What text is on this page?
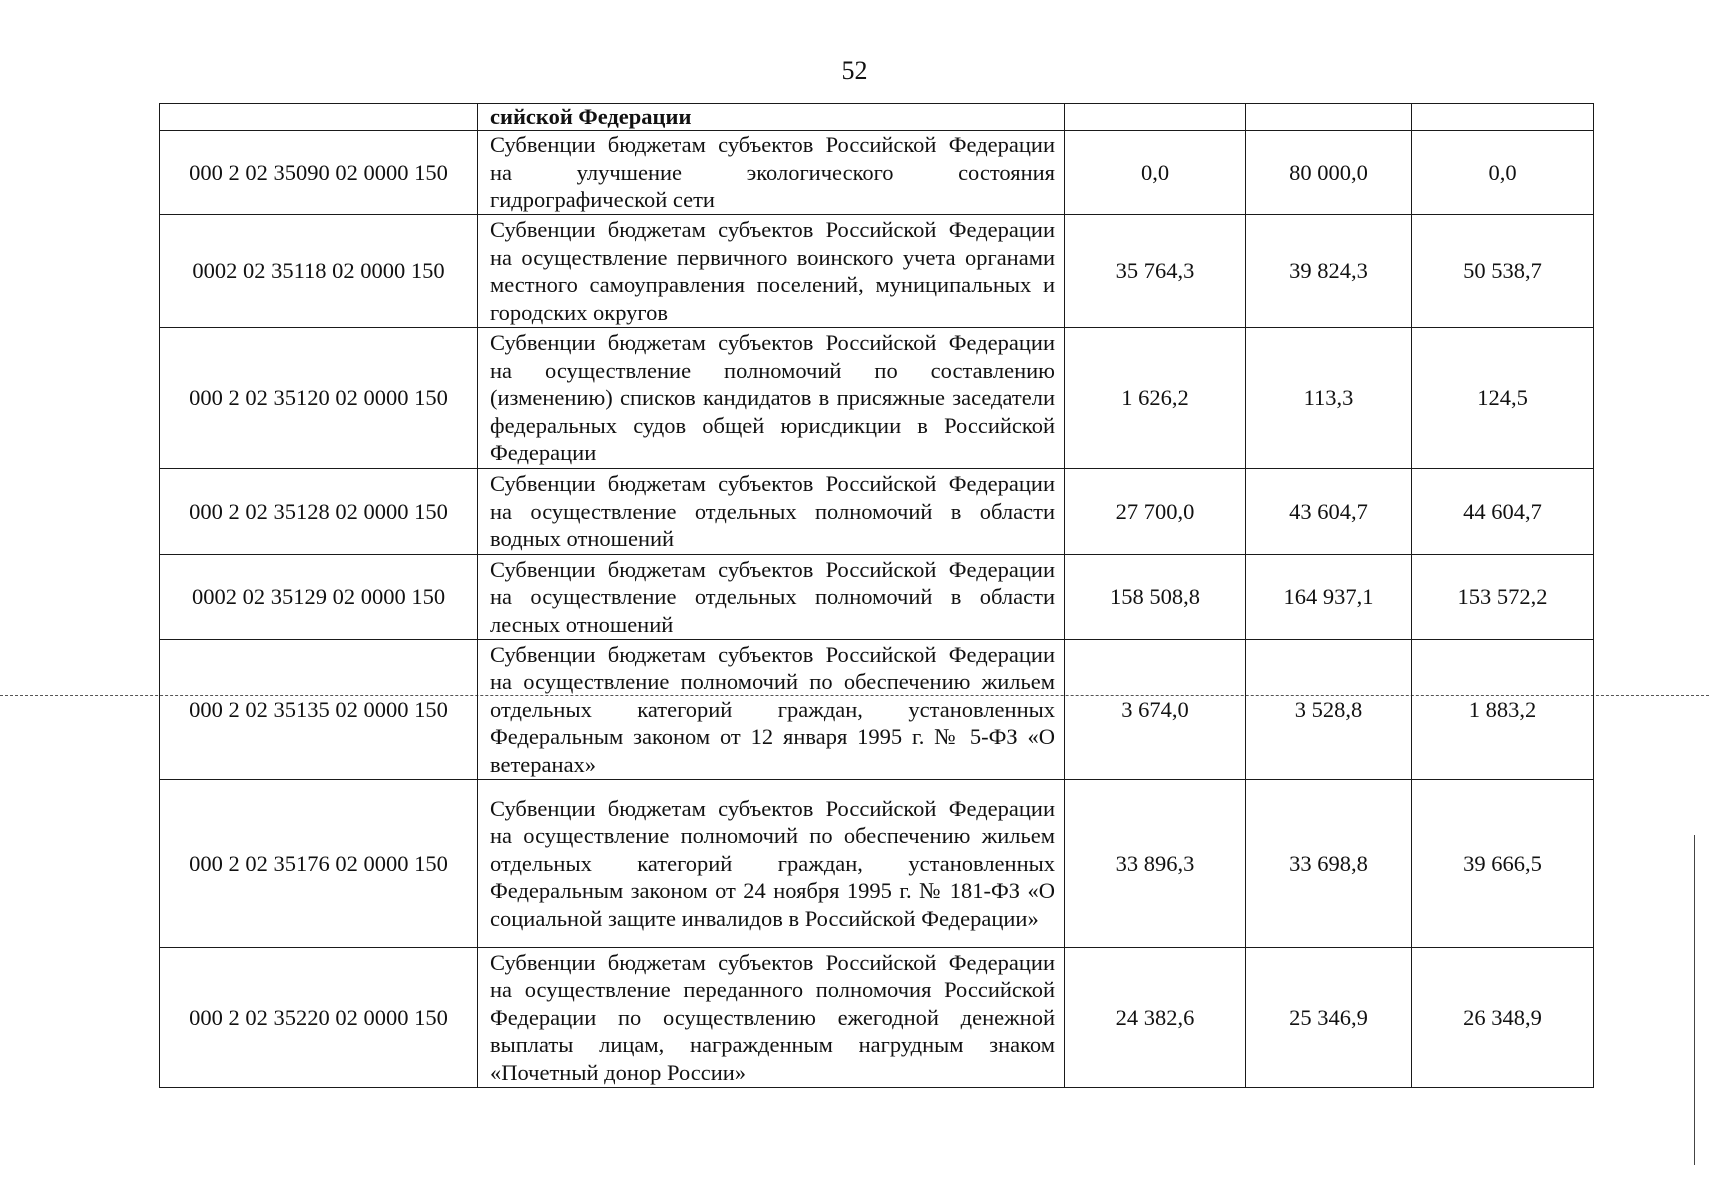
52
	сийской Федерации			
000 2 02 35090 02 0000 150	Субвенции бюджетам субъектов Российской Федерации на улучшение экологического состояния гидрографической сети	0,0	80 000,0	0,0
0002 02 35118 02 0000 150	Субвенции бюджетам субъектов Российской Федерации на осуществление первичного воинского учета органами местного самоуправления поселений, муниципальных и городских округов	35 764,3	39 824,3	50 538,7
000 2 02 35120 02 0000 150	Субвенции бюджетам субъектов Российской Федерации на осуществление полномочий по составлению (изменению) списков кандидатов в присяжные заседатели федеральных судов общей юрисдикции в Российской Федерации	1 626,2	113,3	124,5
000 2 02 35128 02 0000 150	Субвенции бюджетам субъектов Российской Федерации на осуществление отдельных полномочий в области водных отношений	27 700,0	43 604,7	44 604,7
0002 02 35129 02 0000 150	Субвенции бюджетам субъектов Российской Федерации на осуществление отдельных полномочий в области лесных отношений	158 508,8	164 937,1	153 572,2
000 2 02 35135 02 0000 150	Субвенции бюджетам субъектов Российской Федерации на осуществление полномочий по обеспечению жильем отдельных категорий граждан, установленных Федеральным законом от 12 января 1995 г. № 5-ФЗ «О ветеранах»	3 674,0	3 528,8	1 883,2
000 2 02 35176 02 0000 150	Субвенции бюджетам субъектов Российской Федерации на осуществление полномочий по обеспечению жильем отдельных категорий граждан, установленных Федеральным законом от 24 ноября 1995 г. № 181-ФЗ «О социальной защите инвалидов в Российской Федерации»	33 896,3	33 698,8	39 666,5
000 2 02 35220 02 0000 150	Субвенции бюджетам субъектов Российской Федерации на осуществление переданного полномочия Российской Федерации по осуществлению ежегодной денежной выплаты лицам, награжденным нагрудным знаком «Почетный донор России»	24 382,6	25 346,9	26 348,9
